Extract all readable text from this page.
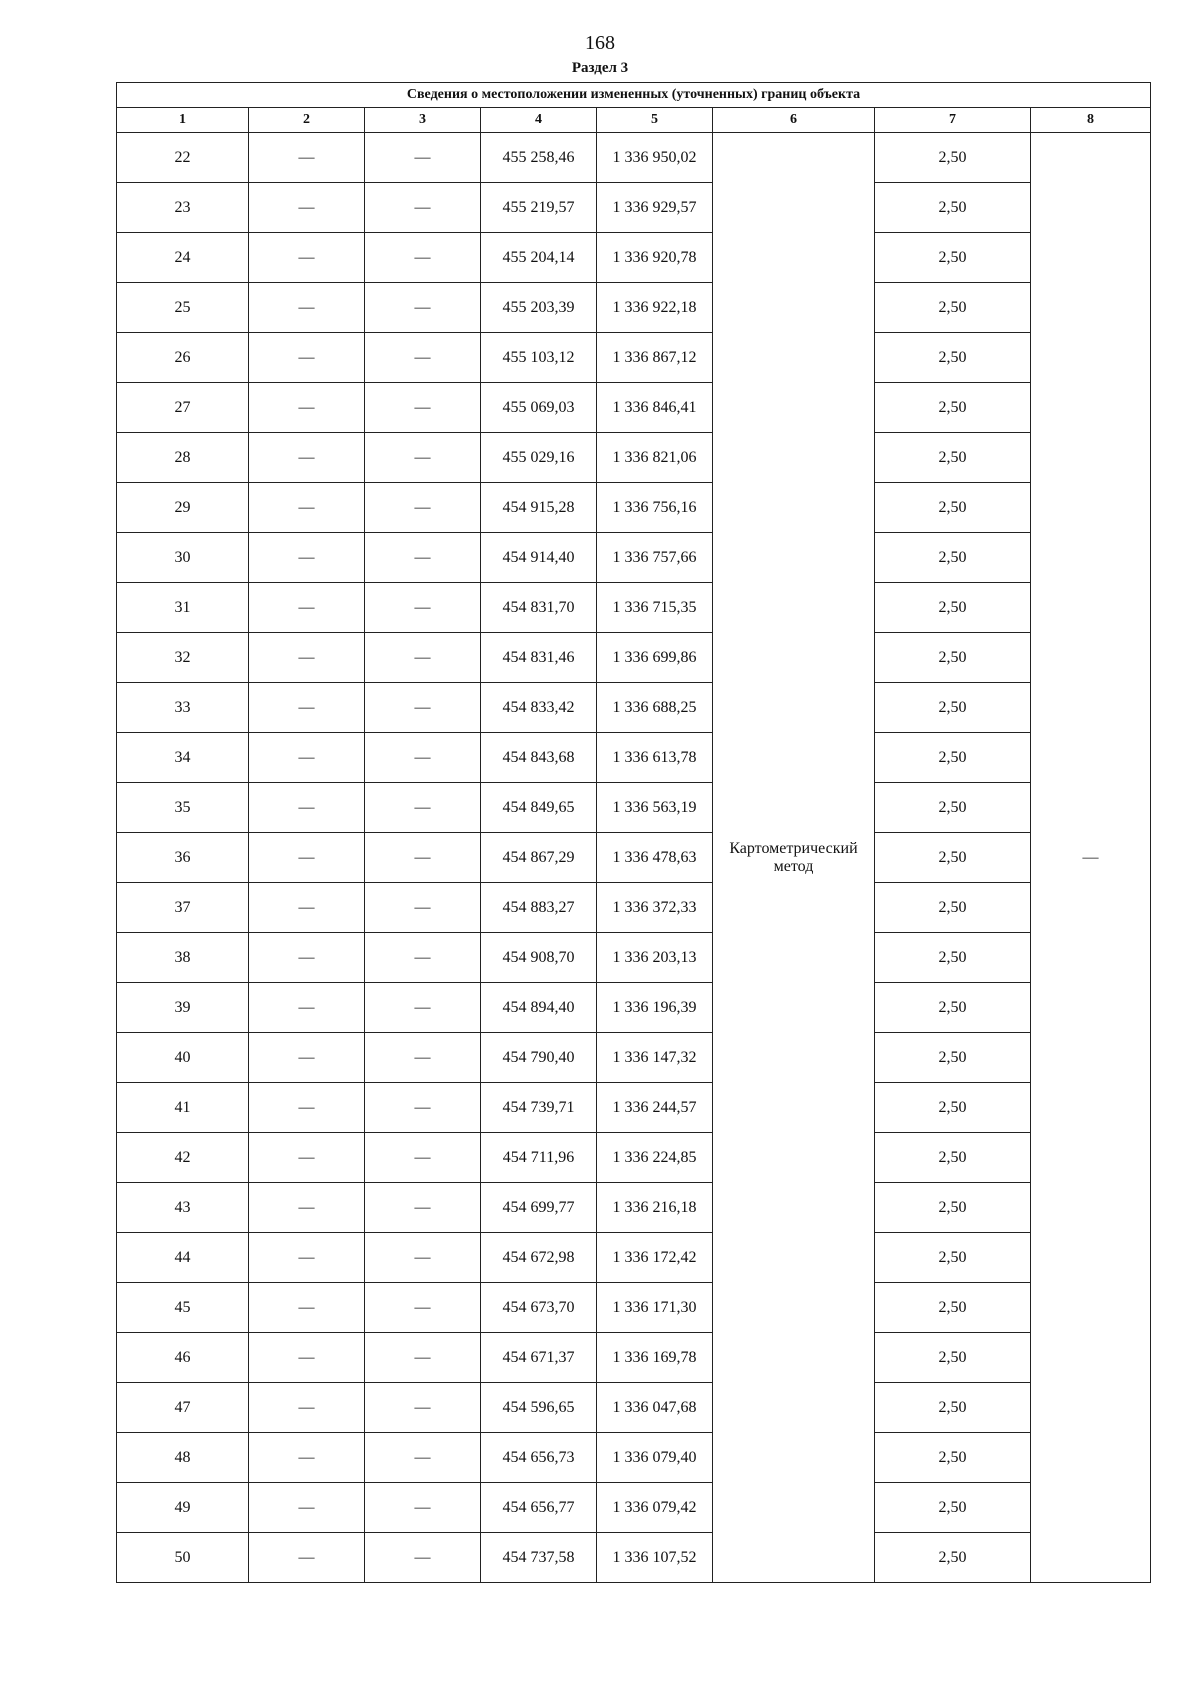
168
Раздел 3
Сведения о местоположении измененных (уточненных) границ объекта							
1	2	3	4	5	6	7	8
22	—	—	455 258,46	1 336 950,02	Картометрический метод	2,50	—
23	—	—	455 219,57	1 336 929,57		2,50	
24	—	—	455 204,14	1 336 920,78		2,50	
25	—	—	455 203,39	1 336 922,18		2,50	
26	—	—	455 103,12	1 336 867,12		2,50	
27	—	—	455 069,03	1 336 846,41		2,50	
28	—	—	455 029,16	1 336 821,06		2,50	
29	—	—	454 915,28	1 336 756,16		2,50	
30	—	—	454 914,40	1 336 757,66		2,50	
31	—	—	454 831,70	1 336 715,35		2,50	
32	—	—	454 831,46	1 336 699,86		2,50	
33	—	—	454 833,42	1 336 688,25		2,50	
34	—	—	454 843,68	1 336 613,78		2,50	
35	—	—	454 849,65	1 336 563,19		2,50	
36	—	—	454 867,29	1 336 478,63		2,50	
37	—	—	454 883,27	1 336 372,33		2,50	
38	—	—	454 908,70	1 336 203,13		2,50	
39	—	—	454 894,40	1 336 196,39		2,50	
40	—	—	454 790,40	1 336 147,32		2,50	
41	—	—	454 739,71	1 336 244,57		2,50	
42	—	—	454 711,96	1 336 224,85		2,50	
43	—	—	454 699,77	1 336 216,18		2,50	
44	—	—	454 672,98	1 336 172,42		2,50	
45	—	—	454 673,70	1 336 171,30		2,50	
46	—	—	454 671,37	1 336 169,78		2,50	
47	—	—	454 596,65	1 336 047,68		2,50	
48	—	—	454 656,73	1 336 079,40		2,50	
49	—	—	454 656,77	1 336 079,42		2,50	
50	—	—	454 737,58	1 336 107,52		2,50	
